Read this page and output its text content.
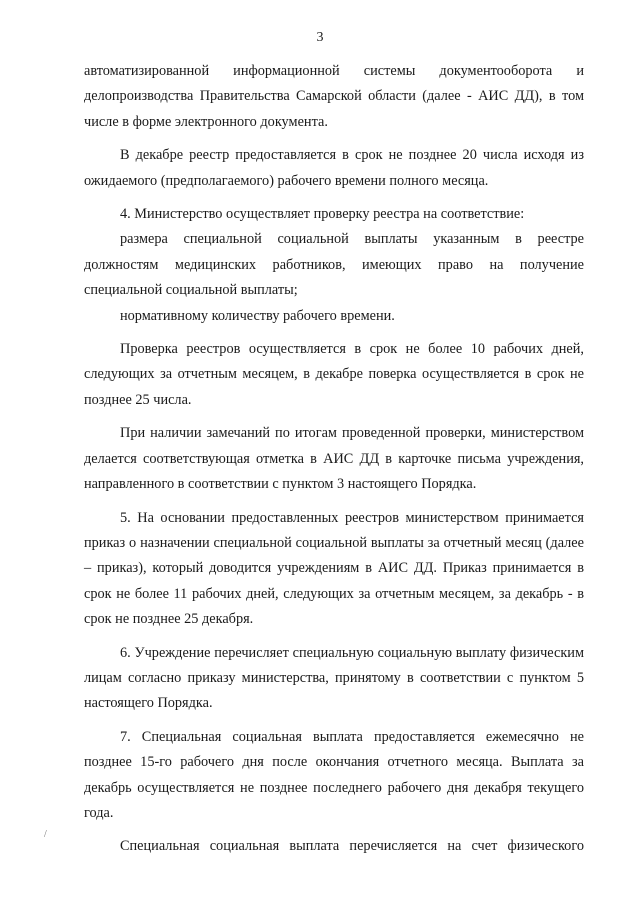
3

автоматизированной информационной системы документооборота и делопроизводства Правительства Самарской области (далее - АИС ДД), в том числе в форме электронного документа.

В декабре реестр предоставляется в срок не позднее 20 числа исходя из ожидаемого (предполагаемого) рабочего времени полного месяца.

4. Министерство осуществляет проверку реестра на соответствие:

размера специальной социальной выплаты указанным в реестре должностям медицинских работников, имеющих право на получение специальной социальной выплаты;

нормативному количеству рабочего времени.

Проверка реестров осуществляется в срок не более 10 рабочих дней, следующих за отчетным месяцем, в декабре поверка осуществляется в срок не позднее 25 числа.

При наличии замечаний по итогам проведенной проверки, министерством делается соответствующая отметка в АИС ДД в карточке письма учреждения, направленного в соответствии с пунктом 3 настоящего Порядка.

5. На основании предоставленных реестров министерством принимается приказ о назначении специальной социальной выплаты за отчетный месяц (далее – приказ), который доводится учреждениям в АИС ДД. Приказ принимается в срок не более 11 рабочих дней, следующих за отчетным месяцем, за декабрь - в срок не позднее 25 декабря.

6. Учреждение перечисляет специальную социальную выплату физическим лицам согласно приказу министерства, принятому в соответствии с пунктом 5 настоящего Порядка.

7. Специальная социальная выплата предоставляется ежемесячно не позднее 15-го рабочего дня после окончания отчетного месяца. Выплата за декабрь осуществляется не позднее последнего рабочего дня декабря текущего года.

Специальная социальная выплата перечисляется на счет физического

/
